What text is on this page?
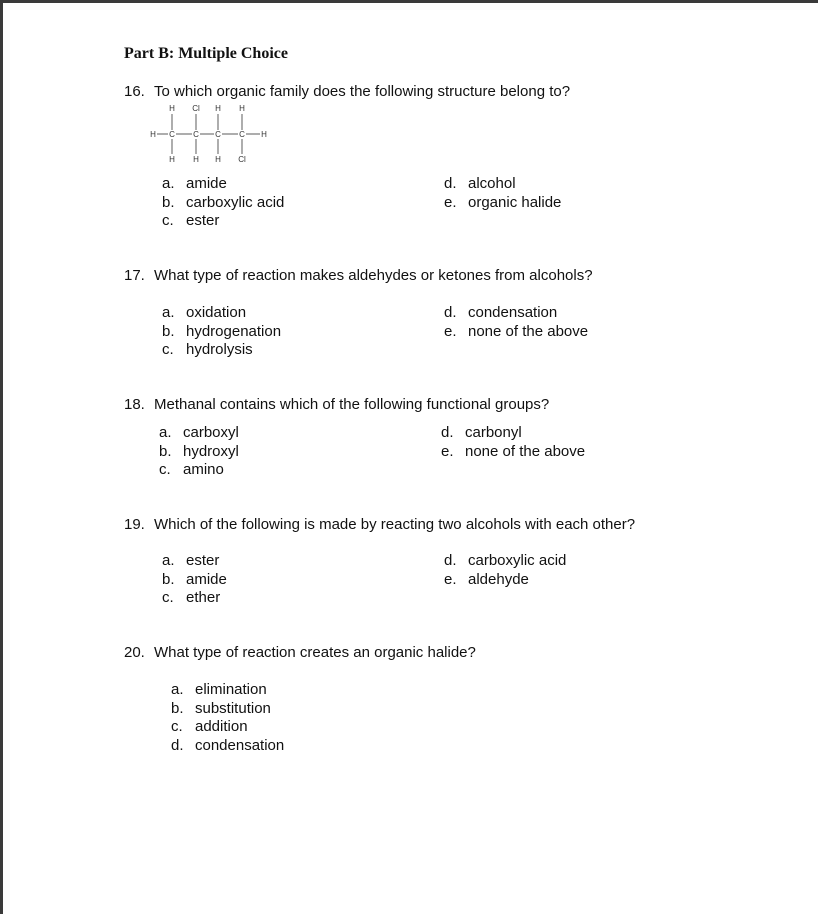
Part B: Multiple Choice
16. To which organic family does the following structure belong to?
H Cl H H
H C C C C H
H H H Cl
a. amide
b. carboxylic acid
c. ester
d. alcohol
e. organic halide
17. What type of reaction makes aldehydes or ketones from alcohols?
a. oxidation
b. hydrogenation
c. hydrolysis
d. condensation
e. none of the above
18. Methanal contains which of the following functional groups?
a. carboxyl
b. hydroxyl
c. amino
d. carbonyl
e. none of the above
19. Which of the following is made by reacting two alcohols with each other?
a. ester
b. amide
c. ether
d. carboxylic acid
e. aldehyde
20. What type of reaction creates an organic halide?
a. elimination
b. substitution
c. addition
d. condensation
